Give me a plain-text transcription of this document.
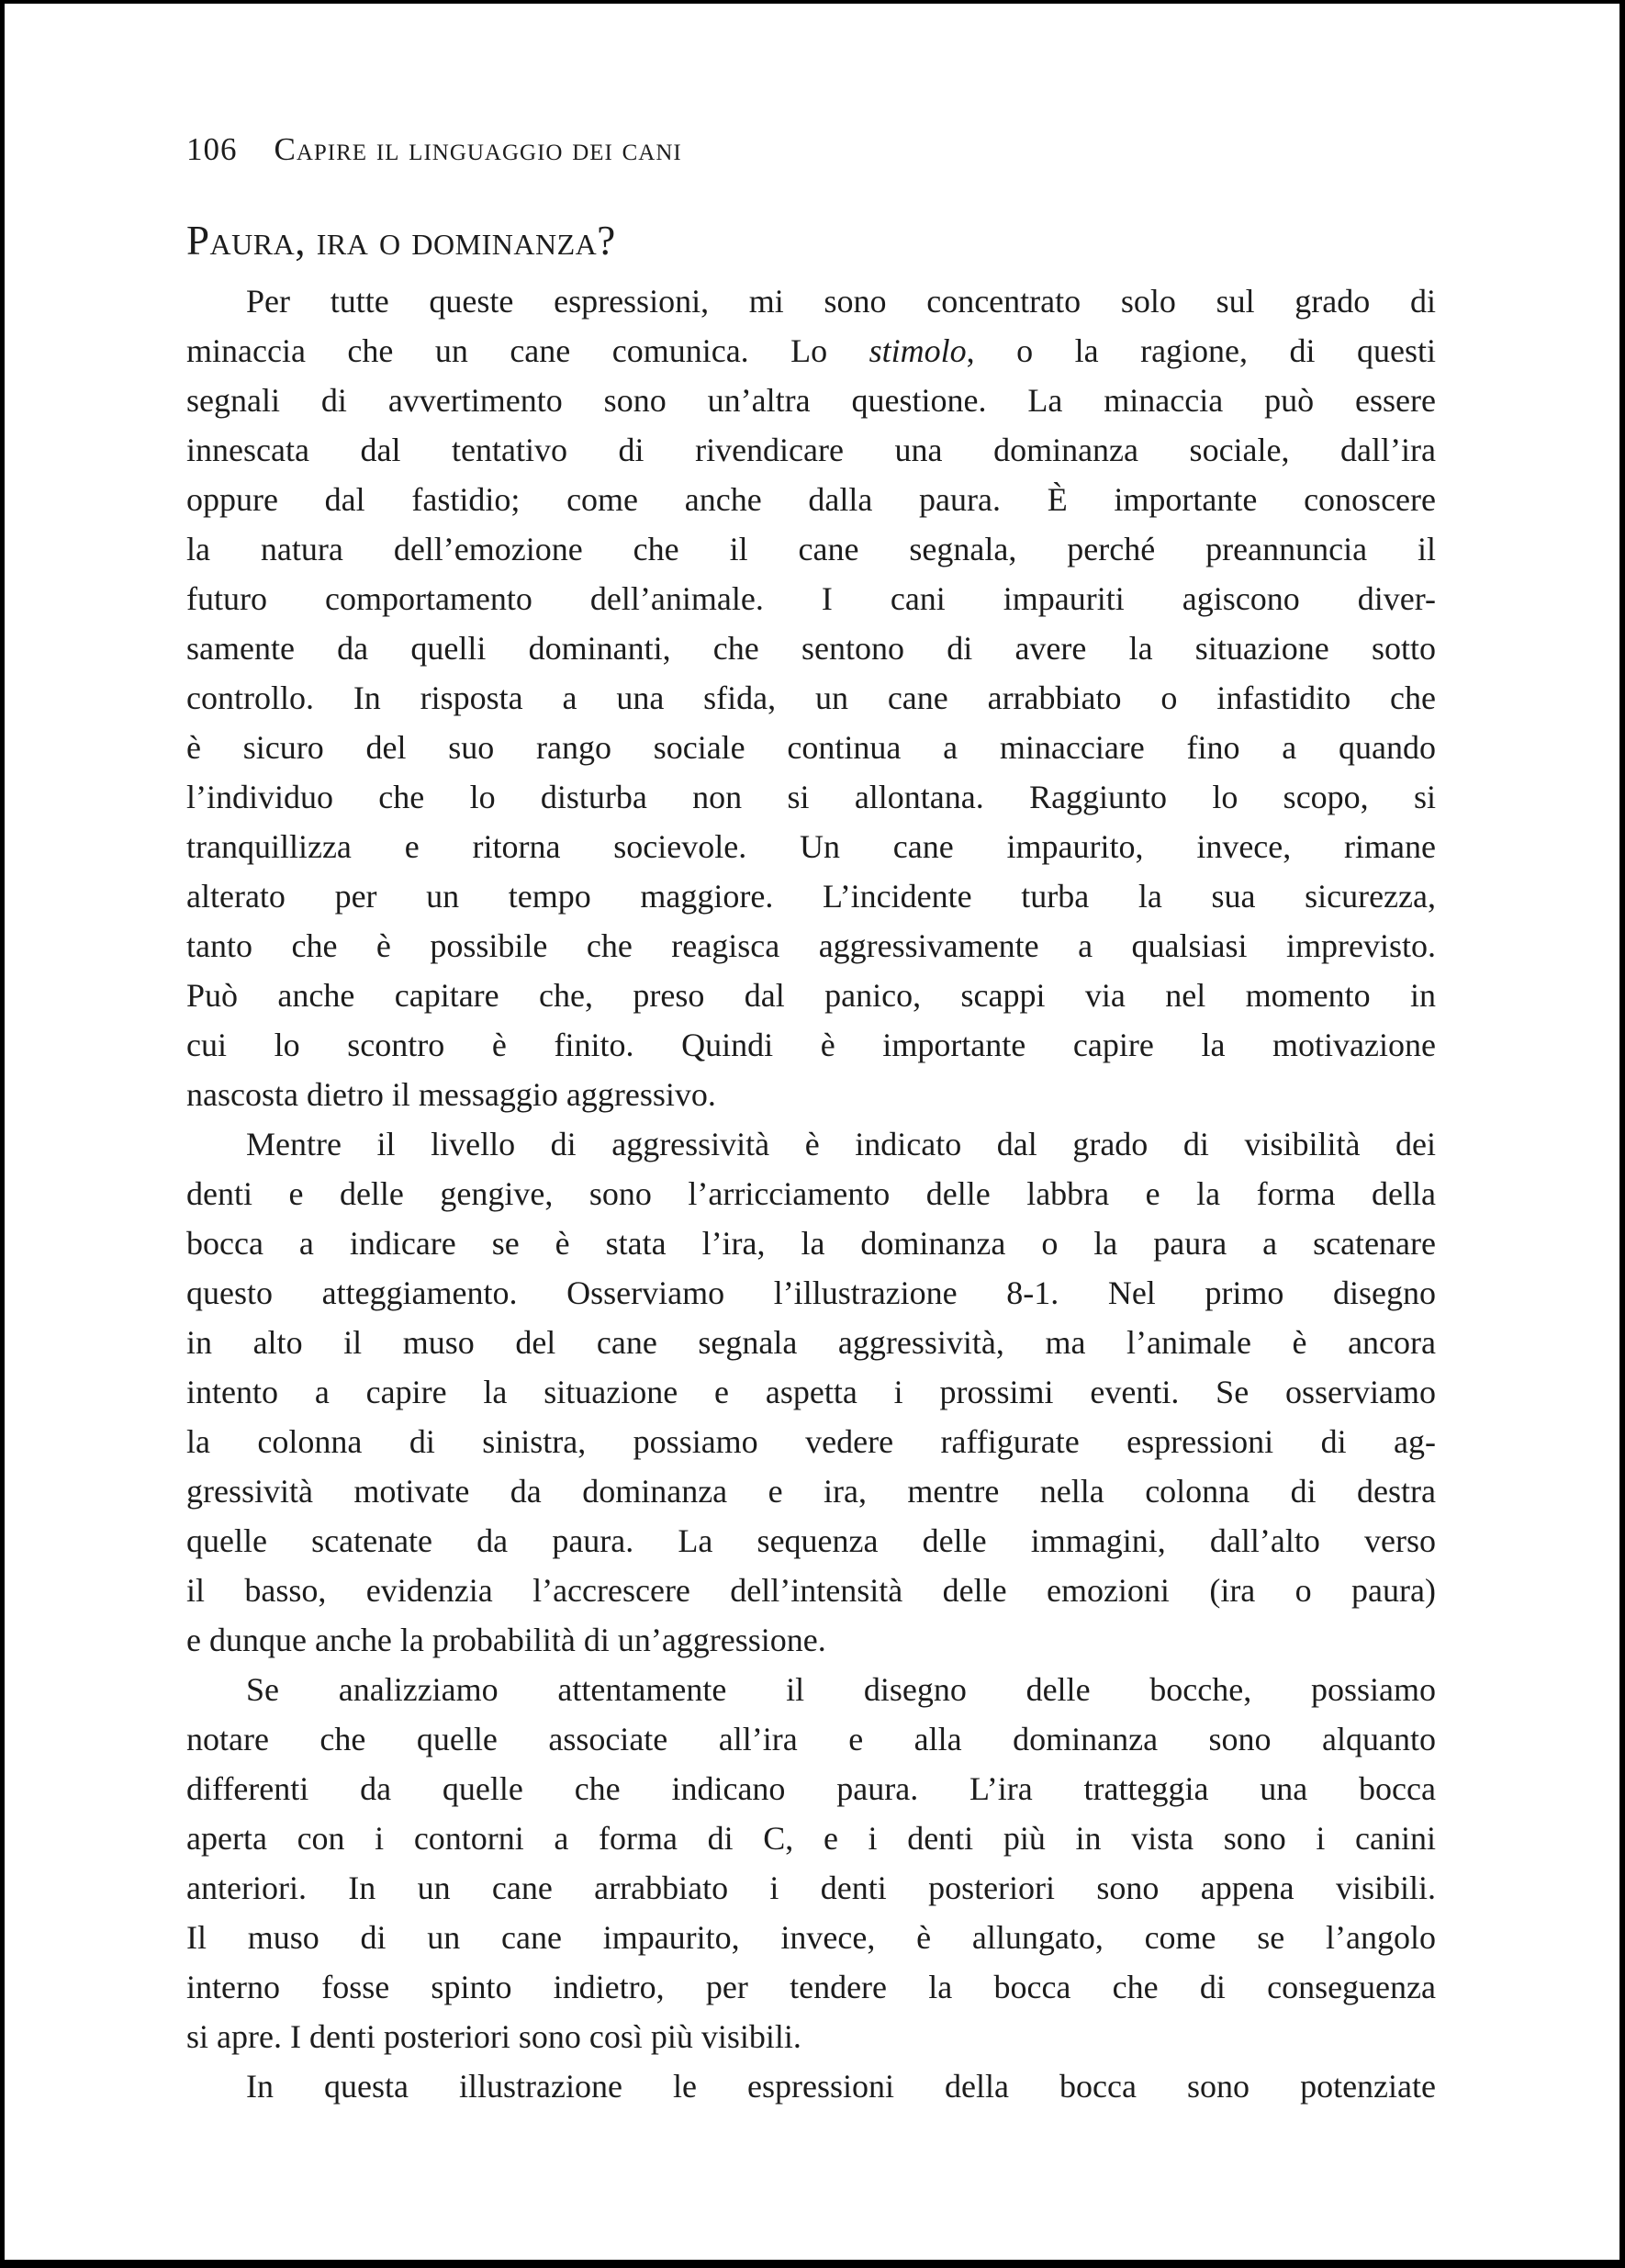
106 Capire il linguaggio dei cani
Paura, ira o dominanza?
Per tutte queste espressioni, mi sono concentrato solo sul grado di
minaccia che un cane comunica. Lo stimolo, o la ragione, di questi
segnali di avvertimento sono un’altra questione. La minaccia può essere
innescata dal tentativo di rivendicare una dominanza sociale, dall’ira
oppure dal fastidio; come anche dalla paura. È importante conoscere
la natura dell’emozione che il cane segnala, perché preannuncia il
futuro comportamento dell’animale. I cani impauriti agiscono diver-
samente da quelli dominanti, che sentono di avere la situazione sotto
controllo. In risposta a una sfida, un cane arrabbiato o infastidito che
è sicuro del suo rango sociale continua a minacciare fino a quando
l’individuo che lo disturba non si allontana. Raggiunto lo scopo, si
tranquillizza e ritorna socievole. Un cane impaurito, invece, rimane
alterato per un tempo maggiore. L’incidente turba la sua sicurezza,
tanto che è possibile che reagisca aggressivamente a qualsiasi imprevisto.
Può anche capitare che, preso dal panico, scappi via nel momento in
cui lo scontro è finito. Quindi è importante capire la motivazione
nascosta dietro il messaggio aggressivo.
Mentre il livello di aggressività è indicato dal grado di visibilità dei
denti e delle gengive, sono l’arricciamento delle labbra e la forma della
bocca a indicare se è stata l’ira, la dominanza o la paura a scatenare
questo atteggiamento. Osserviamo l’illustrazione 8-1. Nel primo disegno
in alto il muso del cane segnala aggressività, ma l’animale è ancora
intento a capire la situazione e aspetta i prossimi eventi. Se osserviamo
la colonna di sinistra, possiamo vedere raffigurate espressioni di ag-
gressività motivate da dominanza e ira, mentre nella colonna di destra
quelle scatenate da paura. La sequenza delle immagini, dall’alto verso
il basso, evidenzia l’accrescere dell’intensità delle emozioni (ira o paura)
e dunque anche la probabilità di un’aggressione.
Se analizziamo attentamente il disegno delle bocche, possiamo
notare che quelle associate all’ira e alla dominanza sono alquanto
differenti da quelle che indicano paura. L’ira tratteggia una bocca
aperta con i contorni a forma di C, e i denti più in vista sono i canini
anteriori. In un cane arrabbiato i denti posteriori sono appena visibili.
Il muso di un cane impaurito, invece, è allungato, come se l’angolo
interno fosse spinto indietro, per tendere la bocca che di conseguenza
si apre. I denti posteriori sono così più visibili.
In questa illustrazione le espressioni della bocca sono potenziate
